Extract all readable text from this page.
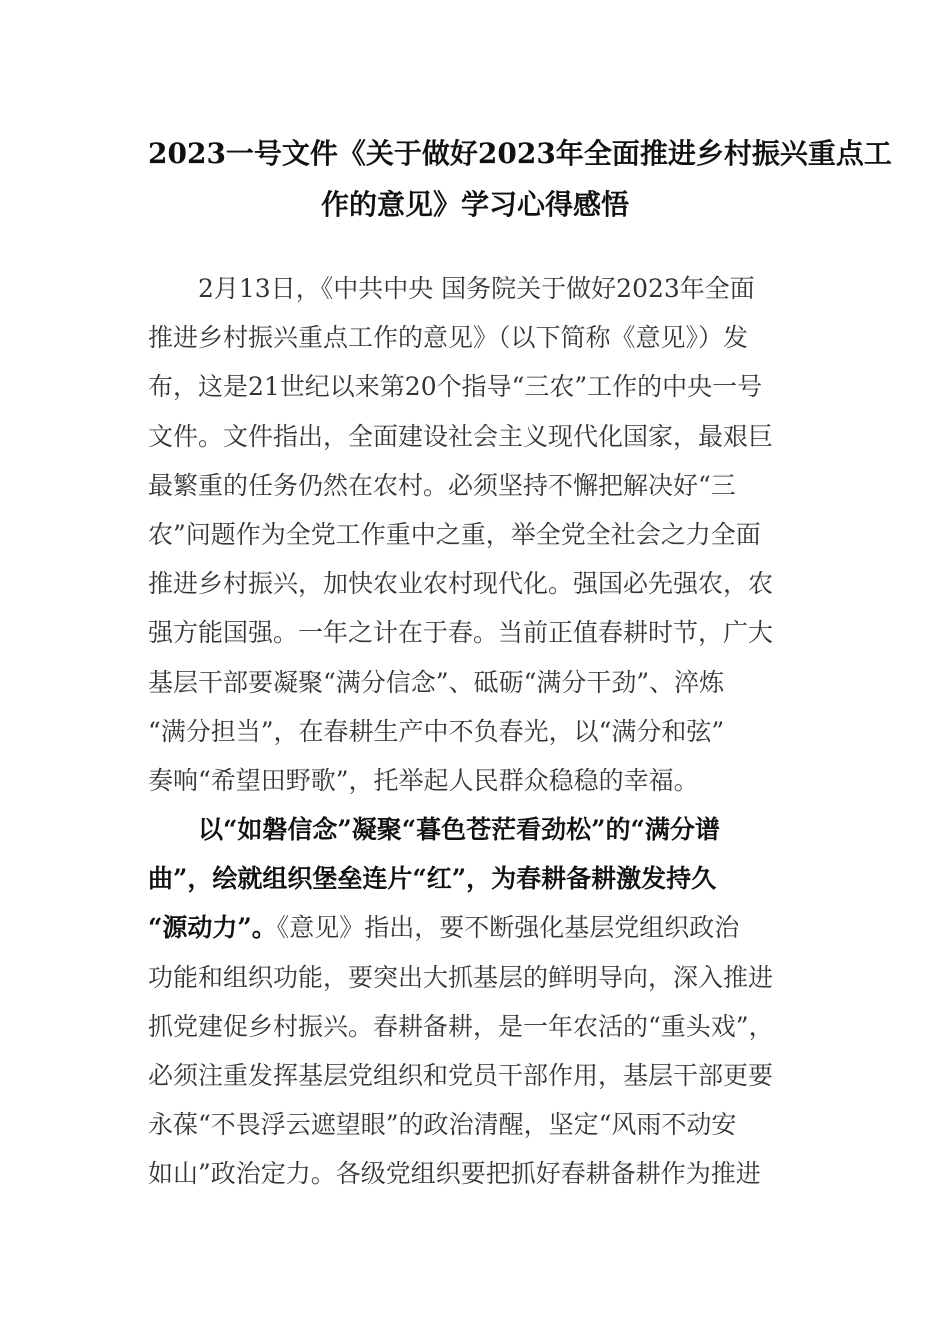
2023一号文件《关于做好2023年全面推进乡村振兴重点工
作的意见》学习心得感悟
2月13日，《中共中央 国务院关于做好2023年全面
推进乡村振兴重点工作的意见》（以下简称《意见》）发
布，这是21世纪以来第20个指导“三农”工作的中央一号
文件。文件指出，全面建设社会主义现代化国家，最艰巨
最繁重的任务仍然在农村。必须坚持不懈把解决好“三
农”问题作为全党工作重中之重，举全党全社会之力全面
推进乡村振兴，加快农业农村现代化。强国必先强农，农
强方能国强。一年之计在于春。当前正值春耕时节，广大
基层干部要凝聚“满分信念”、砥砺“满分干劲”、淬炼
“满分担当”，在春耕生产中不负春光，以“满分和弦”
奏响“希望田野歌”，托举起人民群众稳稳的幸福。
以“如磐信念”凝聚“暮色苍茫看劲松”的“满分谱
曲”，绘就组织堡垒连片“红”，为春耕备耕激发持久
“源动力”。《意见》指出，要不断强化基层党组织政治
功能和组织功能，要突出大抓基层的鲜明导向，深入推进
抓党建促乡村振兴。春耕备耕，是一年农活的“重头戏”，
必须注重发挥基层党组织和党员干部作用，基层干部更要
永葆“不畏浮云遮望眼”的政治清醒，坚定“风雨不动安
如山”政治定力。各级党组织要把抓好春耕备耕作为推进
